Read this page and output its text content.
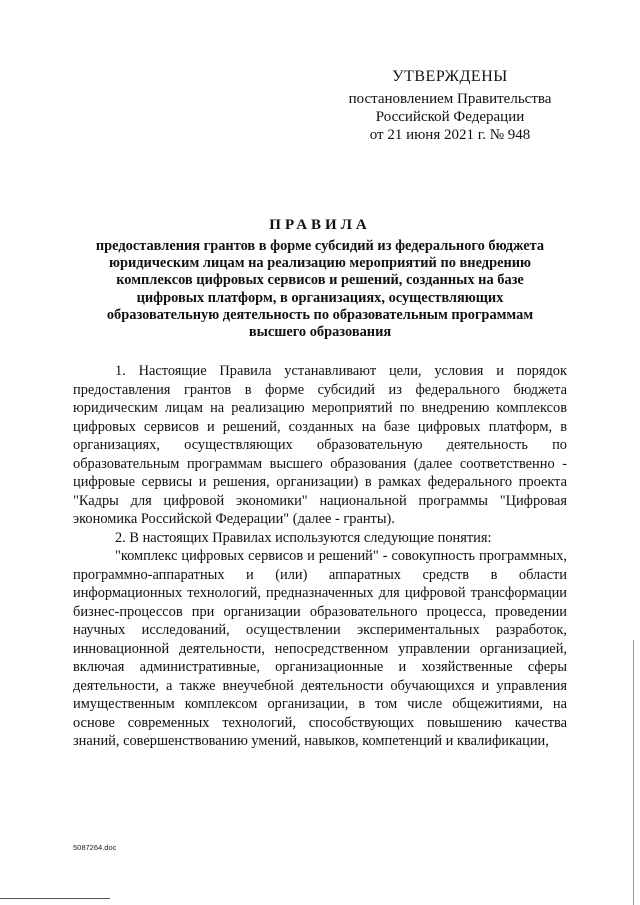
УТВЕРЖДЕНЫ
постановлением Правительства
Российской Федерации
от 21 июня 2021 г. № 948
ПРАВИЛА
предоставления грантов в форме субсидий из федерального бюджета юридическим лицам на реализацию мероприятий по внедрению комплексов цифровых сервисов и решений, созданных на базе цифровых платформ, в организациях, осуществляющих образовательную деятельность по образовательным программам высшего образования

1. Настоящие Правила устанавливают цели, условия и порядок предоставления грантов в форме субсидий из федерального бюджета юридическим лицам на реализацию мероприятий по внедрению комплексов цифровых сервисов и решений, созданных на базе цифровых платформ, в организациях, осуществляющих образовательную деятельность по образовательным программам высшего образования (далее соответственно - цифровые сервисы и решения, организации) в рамках федерального проекта "Кадры для цифровой экономики" национальной программы "Цифровая экономика Российской Федерации" (далее - гранты).

2. В настоящих Правилах используются следующие понятия:

"комплекс цифровых сервисов и решений" - совокупность программных, программно-аппаратных и (или) аппаратных средств в области информационных технологий, предназначенных для цифровой трансформации бизнес-процессов при организации образовательного процесса, проведении научных исследований, осуществлении экспериментальных разработок, инновационной деятельности, непосредственном управлении организацией, включая административные, организационные и хозяйственные сферы деятельности, а также внеучебной деятельности обучающихся и управления имущественным комплексом организации, в том числе общежитиями, на основе современных технологий, способствующих повышению качества знаний, совершенствованию умений, навыков, компетенций и квалификации,

5087264.doc
